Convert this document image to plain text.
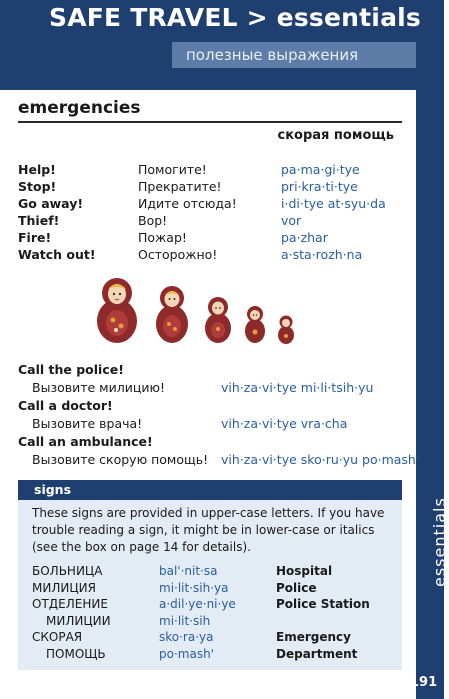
SAFE TRAVEL > essentials
полезные выражения
essentials
191
emergencies
скорая помощь
Help!	Помогите!	pa·ma·gi·tye
Stop!	Прекратите!	pri·kra·ti·tye
Go away!	Идите отсюда!	i·di·tye at·syu·da
Thief!	Вор!	vor
Fire!	Пожар!	pa·zhar
Watch out!	Осторожно!	a·sta·rozh·na
Call the police!
Вызовите милицию!	vih·za·vi·tye mi·li·tsih·yu
Call a doctor!
Вызовите врача!	vih·za·vi·tye vra·cha
Call an ambulance!
Вызовите скорую помощь! vih·za·vi·tye sko·ru·yu po·mash'
signs
These signs are provided in upper-case letters. If you have trouble reading a sign, it might be in lower-case or italics (see the box on page 14 for details).
БОЛЬНИЦА	bal'·nit·sa	Hospital
МИЛИЦИЯ	mi·lit·sih·ya	Police
ОТДЕЛЕНИЕ	a·dil·ye·ni·ye	Police Station
МИЛИЦИИ	mi·lit·sih
СКОРАЯ	sko·ra·ya	Emergency
ПОМОЩЬ	po·mash'	Department
